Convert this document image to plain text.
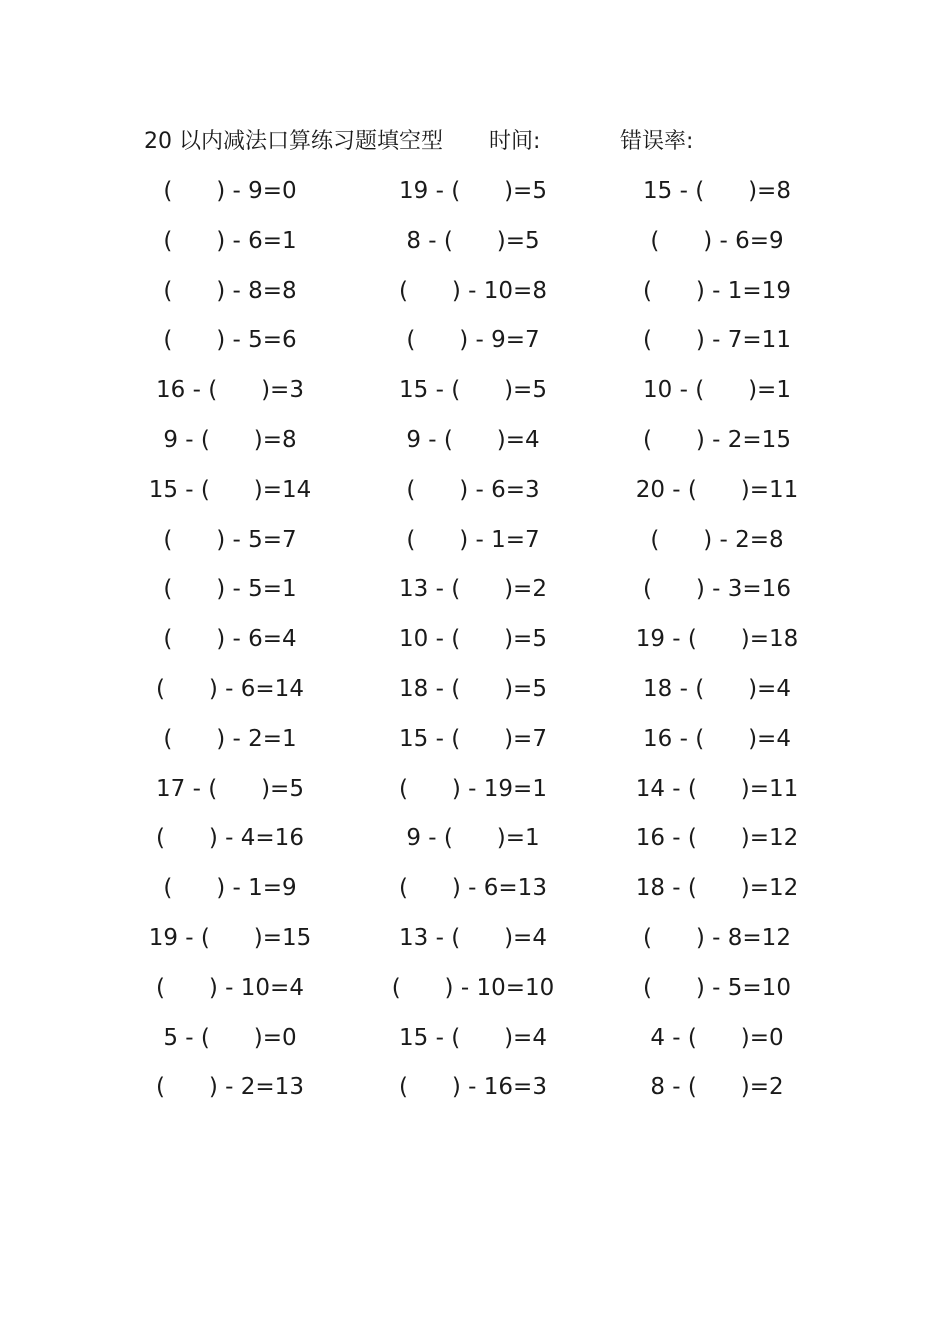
20 以内减法口算练习题填空型 时间:	错误率:
(      ) - 9=0
(      ) - 6=1
(      ) - 8=8
(      ) - 5=6
16 - (      )=3
9 - (      )=8
15 - (      )=14
(      ) - 5=7
(      ) - 5=1
(      ) - 6=4
(      ) - 6=14
(      ) - 2=1
17 - (      )=5
(      ) - 4=16
(      ) - 1=9
19 - (      )=15
(      ) - 10=4
5 - (      )=0
(      ) - 2=13
19 - (      )=5
8 - (      )=5
(      ) - 10=8
(      ) - 9=7
15 - (      )=5
9 - (      )=4
(      ) - 6=3
(      ) - 1=7
13 - (      )=2
10 - (      )=5
18 - (      )=5
15 - (      )=7
(      ) - 19=1
9 - (      )=1
(      ) - 6=13
13 - (      )=4
(      ) - 10=10
15 - (      )=4
(      ) - 16=3
15 - (      )=8
(      ) - 6=9
(      ) - 1=19
(      ) - 7=11
10 - (      )=1
(      ) - 2=15
20 - (      )=11
(      ) - 2=8
(      ) - 3=16
19 - (      )=18
18 - (      )=4
16 - (      )=4
14 - (      )=11
16 - (      )=12
18 - (      )=12
(      ) - 8=12
(      ) - 5=10
4 - (      )=0
8 - (      )=2
